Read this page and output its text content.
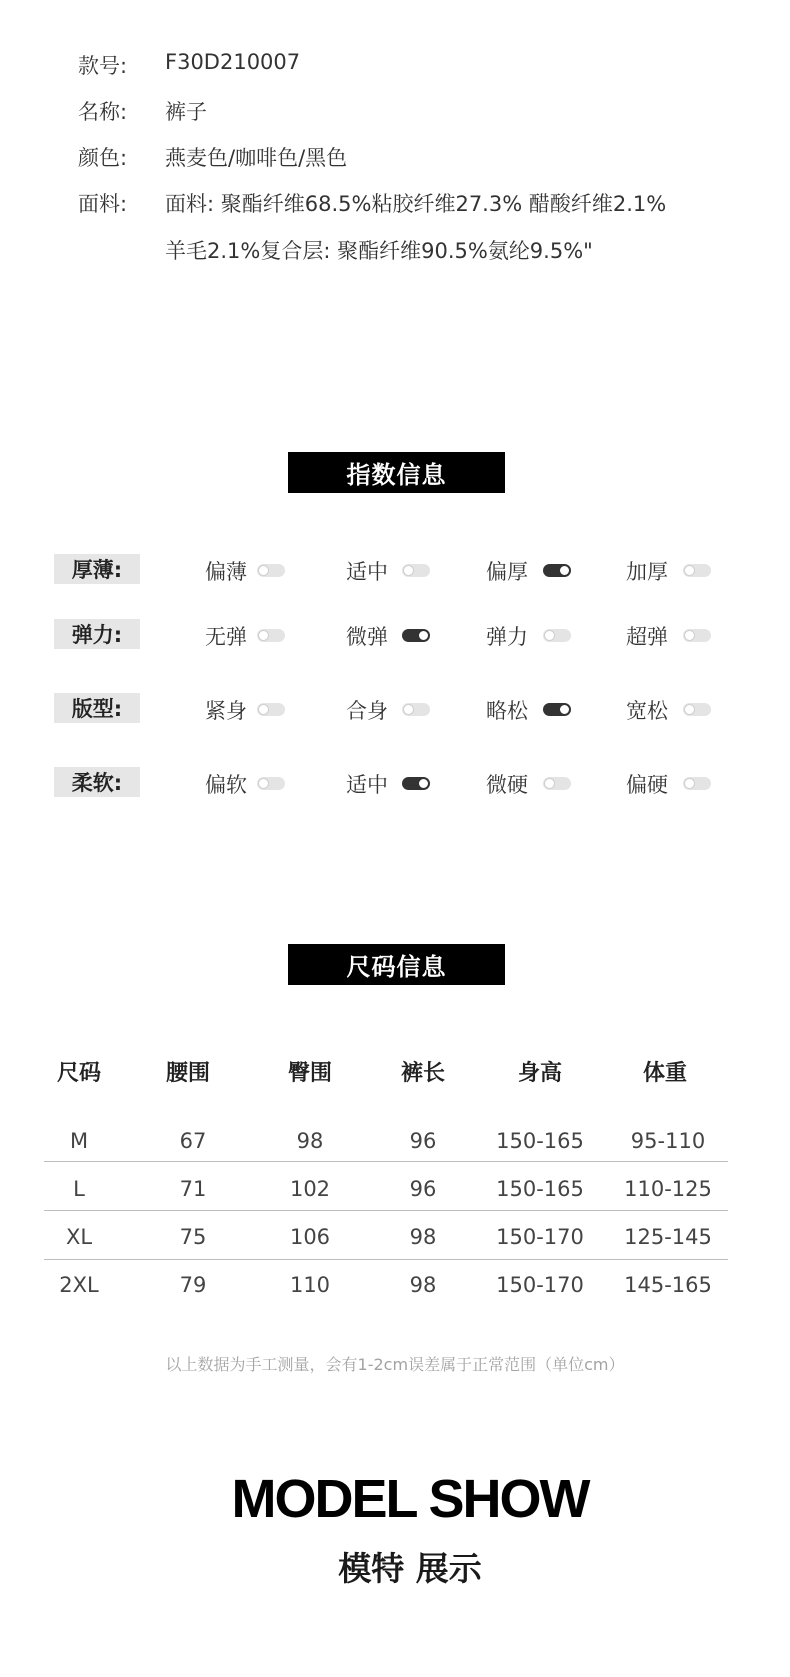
款号: F30D210007
名称: 裤子
颜色: 燕麦色/咖啡色/黑色
面料: 面料: 聚酯纤维68.5%粘胶纤维27.3% 醋酸纤维2.1%
羊毛2.1%复合层: 聚酯纤维90.5%氨纶9.5%"
指数信息
厚薄:	偏薄	适中	偏厚	加厚
弹力:	无弹	微弹	弹力	超弹
版型:	紧身	合身	略松	宽松
柔软:	偏软	适中	微硬	偏硬
尺码信息
尺码	腰围	臀围	裤长	身高	体重
M	67	98	96	150-165	95-110
L	71	102	96	150-165	110-125
XL	75	106	98	150-170	125-145
2XL	79	110	98	150-170	145-165
以上数据为手工测量，会有1-2cm误差属于正常范围（单位cm）
MODEL SHOW
模特 展示
